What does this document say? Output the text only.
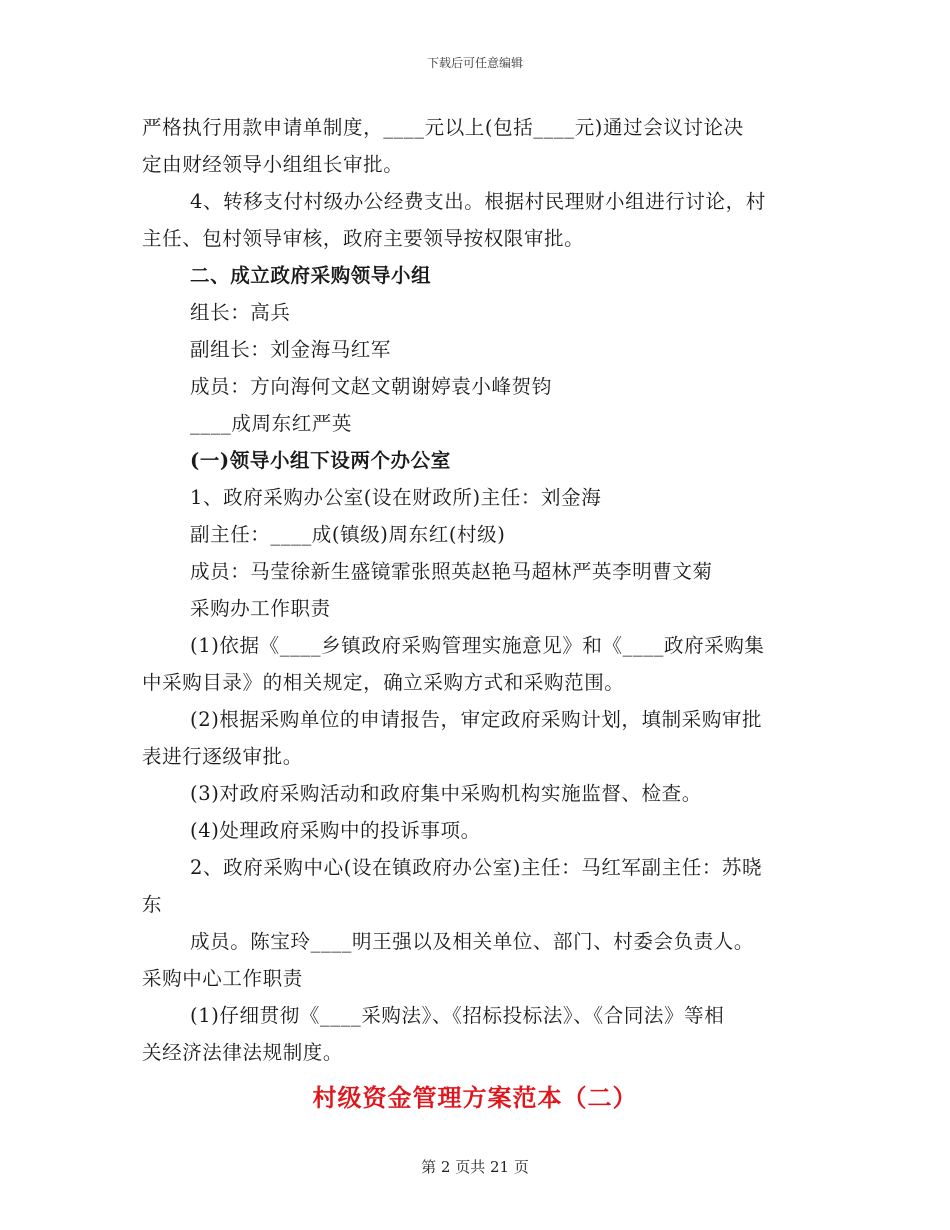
下载后可任意编辑
严格执行用款申请单制度，____元以上(包括____元)通过会议讨论决
定由财经领导小组组长审批。
4、转移支付村级办公经费支出。根据村民理财小组进行讨论，村
主任、包村领导审核，政府主要领导按权限审批。
二、成立政府采购领导小组
组长：高兵
副组长：刘金海马红军
成员：方向海何文赵文朝谢婷袁小峰贺钧
____成周东红严英
(一)领导小组下设两个办公室
1、政府采购办公室(设在财政所)主任：刘金海
副主任：____成(镇级)周东红(村级)
成员：马莹徐新生盛镜霏张照英赵艳马超林严英李明曹文菊
采购办工作职责
(1)依据《____乡镇政府采购管理实施意见》和《____政府采购集
中采购目录》的相关规定，确立采购方式和采购范围。
(2)根据采购单位的申请报告，审定政府采购计划，填制采购审批
表进行逐级审批。
(3)对政府采购活动和政府集中采购机构实施监督、检查。
(4)处理政府采购中的投诉事项。
2、政府采购中心(设在镇政府办公室)主任：马红军副主任：苏晓
东
成员。陈宝玲____明王强以及相关单位、部门、村委会负责人。
采购中心工作职责
(1)仔细贯彻《____采购法》、《招标投标法》、《合同法》等相
关经济法律法规制度。
村级资金管理方案范本（二）
第 2 页共 21 页
